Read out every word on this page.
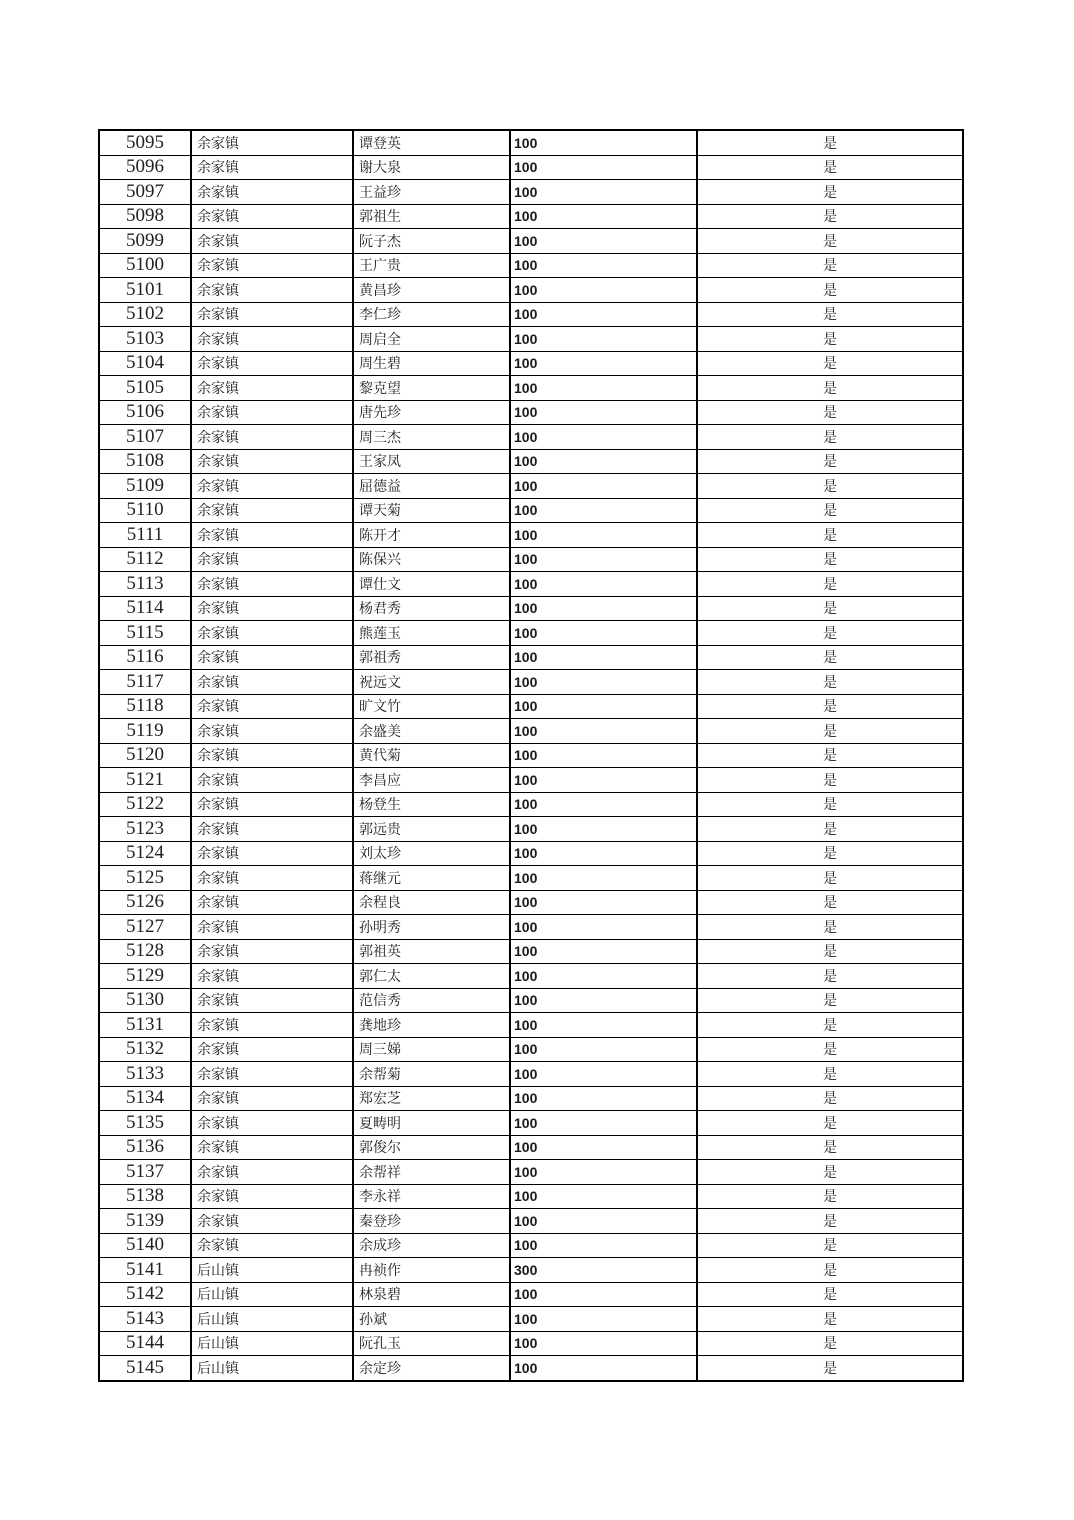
5095	余家镇	谭登英	100	是
5096	余家镇	谢大泉	100	是
5097	余家镇	王益珍	100	是
5098	余家镇	郭祖生	100	是
5099	余家镇	阮子杰	100	是
5100	余家镇	王广贵	100	是
5101	余家镇	黄昌珍	100	是
5102	余家镇	李仁珍	100	是
5103	余家镇	周启全	100	是
5104	余家镇	周生碧	100	是
5105	余家镇	黎克望	100	是
5106	余家镇	唐先珍	100	是
5107	余家镇	周三杰	100	是
5108	余家镇	王家凤	100	是
5109	余家镇	屈德益	100	是
5110	余家镇	谭天菊	100	是
5111	余家镇	陈开才	100	是
5112	余家镇	陈保兴	100	是
5113	余家镇	谭仕文	100	是
5114	余家镇	杨君秀	100	是
5115	余家镇	熊莲玉	100	是
5116	余家镇	郭祖秀	100	是
5117	余家镇	祝远文	100	是
5118	余家镇	旷文竹	100	是
5119	余家镇	余盛美	100	是
5120	余家镇	黄代菊	100	是
5121	余家镇	李昌应	100	是
5122	余家镇	杨登生	100	是
5123	余家镇	郭远贵	100	是
5124	余家镇	刘太珍	100	是
5125	余家镇	蒋继元	100	是
5126	余家镇	余程良	100	是
5127	余家镇	孙明秀	100	是
5128	余家镇	郭祖英	100	是
5129	余家镇	郭仁太	100	是
5130	余家镇	范信秀	100	是
5131	余家镇	龚地珍	100	是
5132	余家镇	周三娣	100	是
5133	余家镇	余帮菊	100	是
5134	余家镇	郑宏芝	100	是
5135	余家镇	夏畴明	100	是
5136	余家镇	郭俊尔	100	是
5137	余家镇	余帮祥	100	是
5138	余家镇	李永祥	100	是
5139	余家镇	秦登珍	100	是
5140	余家镇	余成珍	100	是
5141	后山镇	冉祯作	300	是
5142	后山镇	林泉碧	100	是
5143	后山镇	孙斌	100	是
5144	后山镇	阮孔玉	100	是
5145	后山镇	余定珍	100	是
